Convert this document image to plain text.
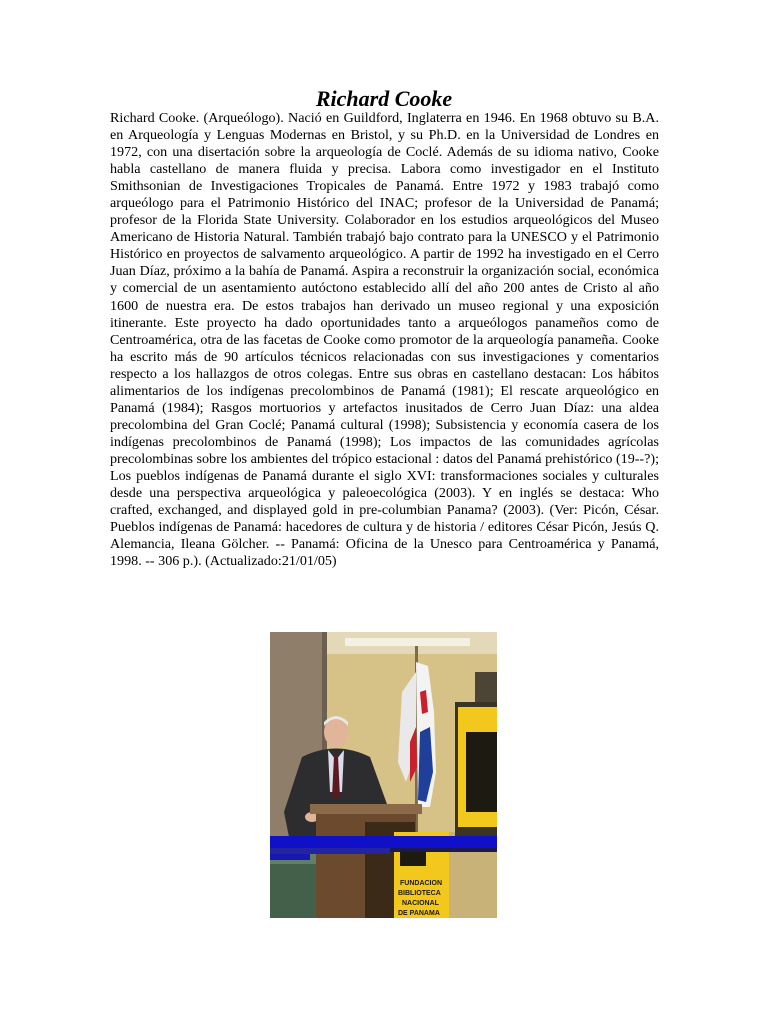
Richard Cooke

Richard Cooke. (Arqueólogo). Nació en Guildford, Inglaterra en 1946. En 1968 obtuvo su B.A. en Arqueología y Lenguas Modernas en Bristol, y su Ph.D. en la Universidad de Londres en 1972, con una disertación sobre la arqueología de Coclé. Además de su idioma nativo, Cooke habla castellano de manera fluida y precisa. Labora como investigador en el Instituto Smithsonian de Investigaciones Tropicales de Panamá. Entre 1972 y 1983 trabajó como arqueólogo para el Patrimonio Histórico del INAC; profesor de la Universidad de Panamá; profesor de la Florida State University. Colaborador en los estudios arqueológicos del Museo Americano de Historia Natural. También trabajó bajo contrato para la UNESCO y el Patrimonio Histórico en proyectos de salvamento arqueológico. A partir de 1992 ha investigado en el Cerro Juan Díaz, próximo a la bahía de Panamá. Aspira a reconstruir la organización social, económica y comercial de un asentamiento autóctono establecido allí del año 200 antes de Cristo al año 1600 de nuestra era. De estos trabajos han derivado un museo regional y una exposición itinerante. Este proyecto ha dado oportunidades tanto a arqueólogos panameños como de Centroamérica, otra de las facetas de Cooke como promotor de la arqueología panameña. Cooke ha escrito más de 90 artículos técnicos relacionadas con sus investigaciones y comentarios respecto a los hallazgos de otros colegas. Entre sus obras en castellano destacan: Los hábitos alimentarios de los indígenas precolombinos de Panamá (1981); El rescate arqueológico en Panamá (1984); Rasgos mortuorios y artefactos inusitados de Cerro Juan Díaz: una aldea precolombina del Gran Coclé; Panamá cultural (1998); Subsistencia y economía casera de los indígenas precolombinos de Panamá (1998); Los impactos de las comunidades agrícolas precolombinas sobre los ambientes del trópico estacional : datos del Panamá prehistórico (19--?); Los pueblos indígenas de Panamá durante el siglo XVI: transformaciones sociales y culturales desde una perspectiva arqueológica y paleoecológica (2003). Y en inglés se destaca: Who crafted, exchanged, and displayed gold in pre-columbian Panama? (2003). (Ver: Picón, César. Pueblos indígenas de Panamá: hacedores de cultura y de historia / editores César Picón, Jesús Q. Alemancia, Ileana Gölcher. -- Panamá: Oficina de la Unesco para Centroamérica y Panamá, 1998. -- 306 p.). (Actualizado:21/01/05)

FUNDACION
BIBLIOTECA
NACIONAL
DE PANAMA
